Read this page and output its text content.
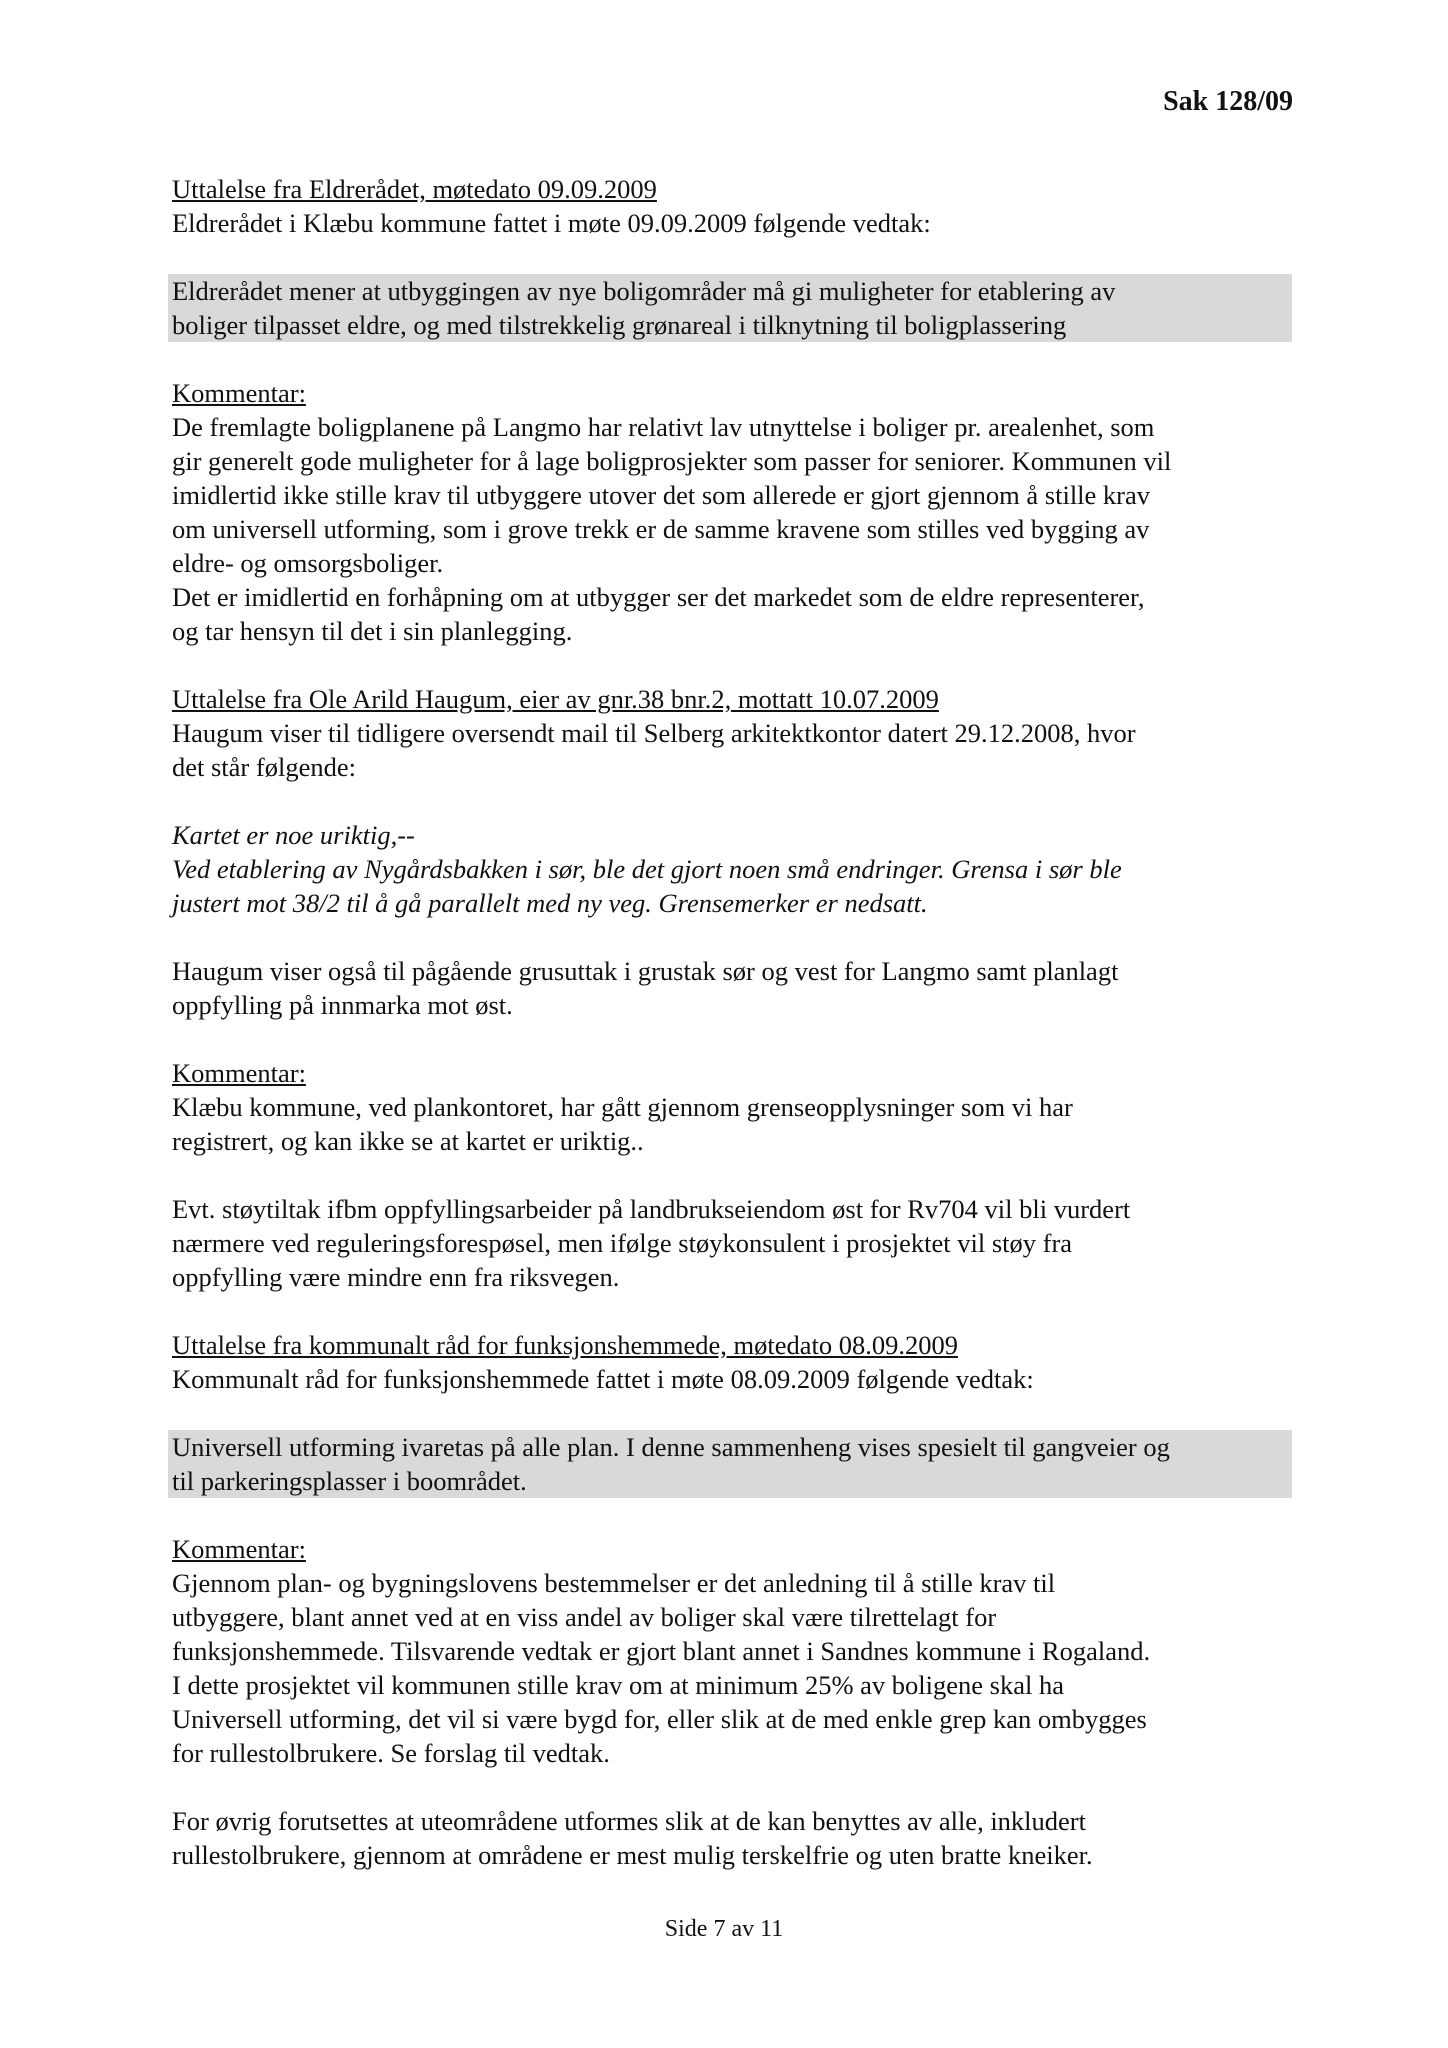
Sak 128/09
Uttalelse fra Eldrerådet, møtedato 09.09.2009
Eldrerådet i Klæbu kommune fattet i møte 09.09.2009 følgende vedtak:
Eldrerådet mener at utbyggingen av nye boligområder må gi muligheter for etablering av
boliger tilpasset eldre, og med tilstrekkelig grønareal i tilknytning til boligplassering
Kommentar:
De fremlagte boligplanene på Langmo har relativt lav utnyttelse i boliger pr. arealenhet, som
gir generelt gode muligheter for å lage boligprosjekter som passer for seniorer. Kommunen vil
imidlertid ikke stille krav til utbyggere utover det som allerede er gjort gjennom å stille krav
om universell utforming, som i grove trekk er de samme kravene som stilles ved bygging av
eldre- og omsorgsboliger.
Det er imidlertid en forhåpning om at utbygger ser det markedet som de eldre representerer,
og tar hensyn til det i sin planlegging.
Uttalelse fra Ole Arild Haugum, eier av gnr.38 bnr.2, mottatt 10.07.2009
Haugum viser til tidligere oversendt mail til Selberg arkitektkontor datert 29.12.2008, hvor
det står følgende:
Kartet er noe uriktig,--
Ved etablering av Nygårdsbakken i sør, ble det gjort noen små endringer. Grensa i sør ble
justert mot 38/2 til å gå parallelt med ny veg. Grensemerker er nedsatt.
Haugum viser også til pågående grusuttak i grustak sør og vest for Langmo samt planlagt
oppfylling på innmarka mot øst.
Kommentar:
Klæbu kommune, ved plankontoret, har gått gjennom grenseopplysninger som vi har
registrert, og kan ikke se at kartet er uriktig..
Evt. støytiltak ifbm oppfyllingsarbeider på landbrukseiendom øst for Rv704 vil bli vurdert
nærmere ved reguleringsforespøsel, men ifølge støykonsulent i prosjektet vil støy fra
oppfylling være mindre enn fra riksvegen.
Uttalelse fra kommunalt råd for funksjonshemmede, møtedato 08.09.2009
Kommunalt råd for funksjonshemmede fattet i møte 08.09.2009 følgende vedtak:
Universell utforming ivaretas på alle plan. I denne sammenheng vises spesielt til gangveier og
til parkeringsplasser i boområdet.
Kommentar:
Gjennom plan- og bygningslovens bestemmelser er det anledning til å stille krav til
utbyggere, blant annet ved at en viss andel av boliger skal være tilrettelagt for
funksjonshemmede. Tilsvarende vedtak er gjort blant annet i Sandnes kommune i Rogaland.
I dette prosjektet vil kommunen stille krav om at minimum 25% av boligene skal ha
Universell utforming, det vil si være bygd for, eller slik at de med enkle grep kan ombygges
for rullestolbrukere. Se forslag til vedtak.
For øvrig forutsettes at uteområdene utformes slik at de kan benyttes av alle, inkludert
rullestolbrukere, gjennom at områdene er mest mulig terskelfrie og uten bratte kneiker.
Side 7 av 11
